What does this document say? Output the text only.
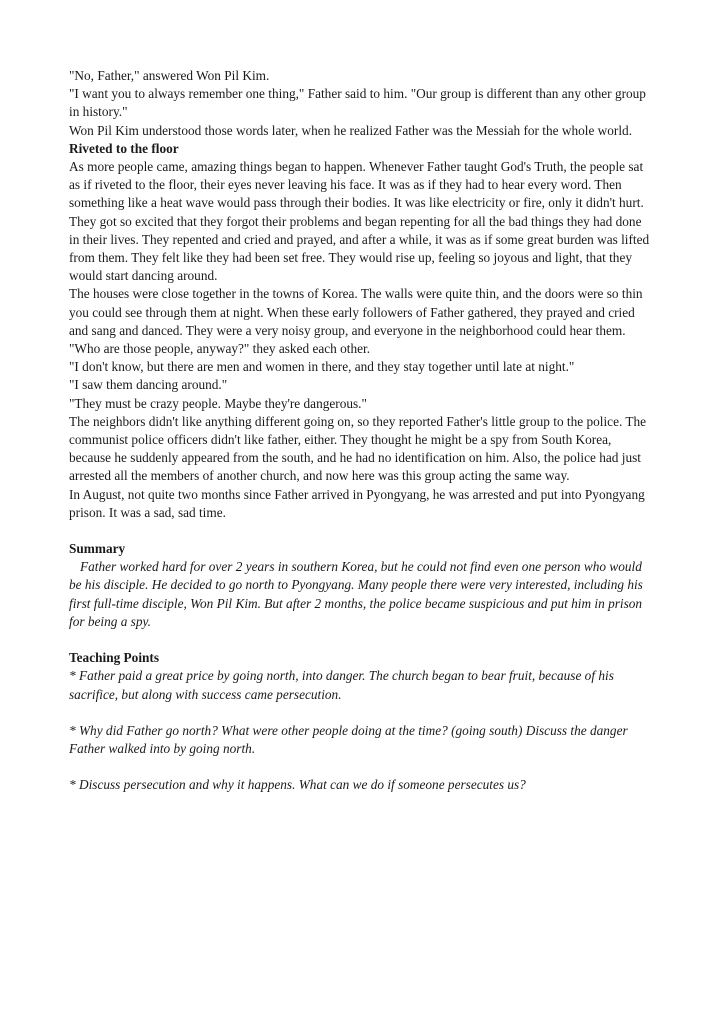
"No, Father," answered Won Pil Kim.

"I want you to always remember one thing," Father said to him. "Our group is different than any other group in history."

Won Pil Kim understood those words later, when he realized Father was the Messiah for the whole world.

Riveted to the floor

As more people came, amazing things began to happen. Whenever Father taught God's Truth, the people sat as if riveted to the floor, their eyes never leaving his face. It was as if they had to hear every word. Then something like a heat wave would pass through their bodies. It was like electricity or fire, only it didn't hurt. They got so excited that they forgot their problems and began repenting for all the bad things they had done in their lives. They repented and cried and prayed, and after a while, it was as if some great burden was lifted from them. They felt like they had been set free. They would rise up, feeling so joyous and light, that they would start dancing around.

The houses were close together in the towns of Korea. The walls were quite thin, and the doors were so thin you could see through them at night. When these early followers of Father gathered, they prayed and cried and sang and danced. They were a very noisy group, and everyone in the neighborhood could hear them.

"Who are those people, anyway?" they asked each other.

"I don't know, but there are men and women in there, and they stay together until late at night."

"I saw them dancing around."

"They must be crazy people. Maybe they're dangerous."

The neighbors didn't like anything different going on, so they reported Father's little group to the police. The communist police officers didn't like father, either. They thought he might be a spy from South Korea, because he suddenly appeared from the south, and he had no identification on him. Also, the police had just arrested all the members of another church, and now here was this group acting the same way.

In August, not quite two months since Father arrived in Pyongyang, he was arrested and put into Pyongyang prison. It was a sad, sad time.

Summary

Father worked hard for over 2 years in southern Korea, but he could not find even one person who would be his disciple. He decided to go north to Pyongyang. Many people there were very interested, including his first full-time disciple, Won Pil Kim. But after 2 months, the police became suspicious and put him in prison for being a spy.

Teaching Points

* Father paid a great price by going north, into danger. The church began to bear fruit, because of his sacrifice, but along with success came persecution.

* Why did Father go north? What were other people doing at the time? (going south) Discuss the danger Father walked into by going north.

* Discuss persecution and why it happens. What can we do if someone persecutes us?
